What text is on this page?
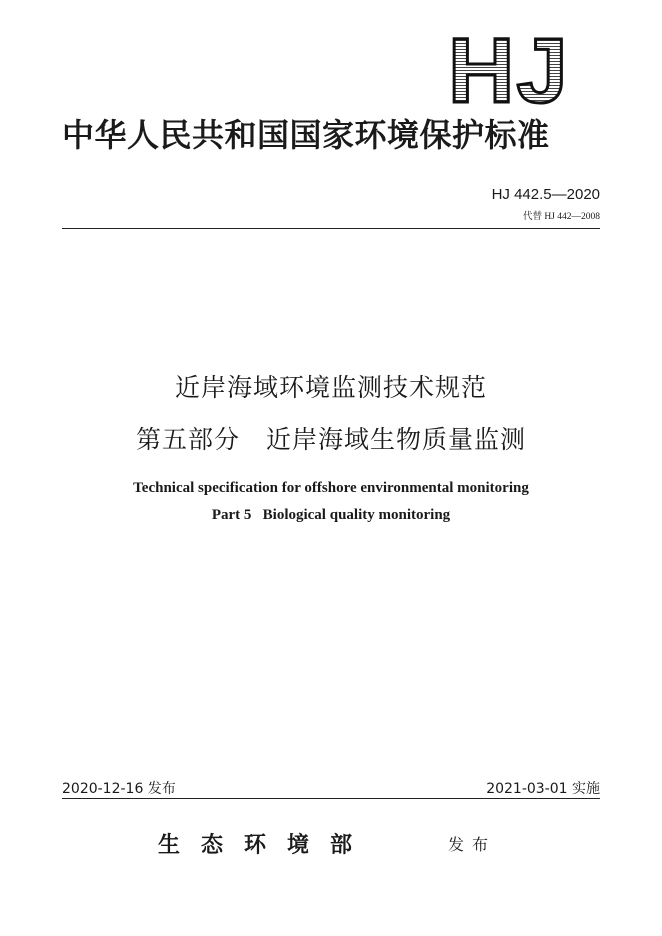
HJ
中华人民共和国国家环境保护标准
HJ 442.5—2020
代替 HJ 442—2008
近岸海域环境监测技术规范
第五部分　近岸海域生物质量监测
Technical specification for offshore environmental monitoring
Part 5   Biological quality monitoring
2020-12-16 发布	2021-03-01 实施
生态环境部	发布
